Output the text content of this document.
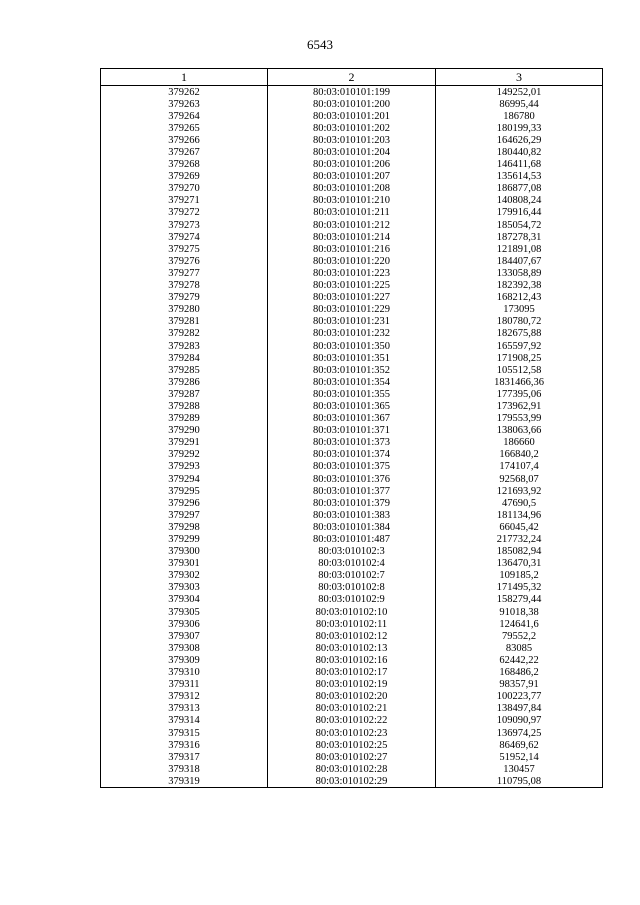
6543
1	2	3
379262	80:03:010101:199	149252,01
379263	80:03:010101:200	86995,44
379264	80:03:010101:201	186780
379265	80:03:010101:202	180199,33
379266	80:03:010101:203	164626,29
379267	80:03:010101:204	180440,82
379268	80:03:010101:206	146411,68
379269	80:03:010101:207	135614,53
379270	80:03:010101:208	186877,08
379271	80:03:010101:210	140808,24
379272	80:03:010101:211	179916,44
379273	80:03:010101:212	185054,72
379274	80:03:010101:214	187278,31
379275	80:03:010101:216	121891,08
379276	80:03:010101:220	184407,67
379277	80:03:010101:223	133058,89
379278	80:03:010101:225	182392,38
379279	80:03:010101:227	168212,43
379280	80:03:010101:229	173095
379281	80:03:010101:231	180780,72
379282	80:03:010101:232	182675,88
379283	80:03:010101:350	165597,92
379284	80:03:010101:351	171908,25
379285	80:03:010101:352	105512,58
379286	80:03:010101:354	1831466,36
379287	80:03:010101:355	177395,06
379288	80:03:010101:365	173962,91
379289	80:03:010101:367	179553,99
379290	80:03:010101:371	138063,66
379291	80:03:010101:373	186660
379292	80:03:010101:374	166840,2
379293	80:03:010101:375	174107,4
379294	80:03:010101:376	92568,07
379295	80:03:010101:377	121693,92
379296	80:03:010101:379	47690,5
379297	80:03:010101:383	181134,96
379298	80:03:010101:384	66045,42
379299	80:03:010101:487	217732,24
379300	80:03:010102:3	185082,94
379301	80:03:010102:4	136470,31
379302	80:03:010102:7	109185,2
379303	80:03:010102:8	171495,32
379304	80:03:010102:9	158279,44
379305	80:03:010102:10	91018,38
379306	80:03:010102:11	124641,6
379307	80:03:010102:12	79552,2
379308	80:03:010102:13	83085
379309	80:03:010102:16	62442,22
379310	80:03:010102:17	168486,2
379311	80:03:010102:19	98357,91
379312	80:03:010102:20	100223,77
379313	80:03:010102:21	138497,84
379314	80:03:010102:22	109090,97
379315	80:03:010102:23	136974,25
379316	80:03:010102:25	86469,62
379317	80:03:010102:27	51952,14
379318	80:03:010102:28	130457
379319	80:03:010102:29	110795,08
